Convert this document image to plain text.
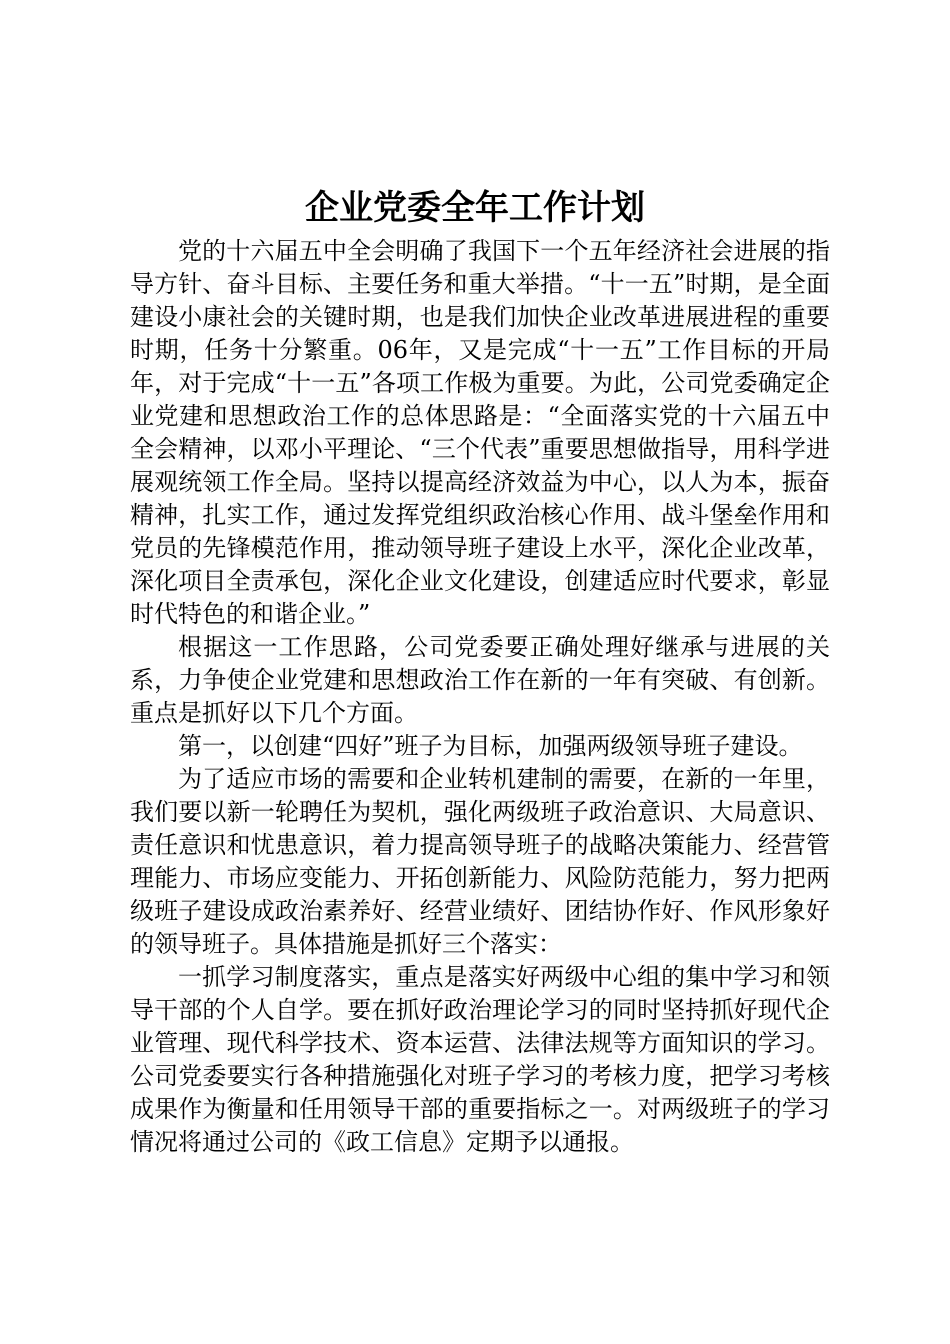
企业党委全年工作计划

党的十六届五中全会明确了我国下一个五年经济社会进展的指导方针、奋斗目标、主要任务和重大举措。“十一五”时期，是全面建设小康社会的关键时期，也是我们加快企业改革进展进程的重要时期，任务十分繁重。06年，又是完成“十一五”工作目标的开局年，对于完成“十一五”各项工作极为重要。为此，公司党委确定企业党建和思想政治工作的总体思路是：“全面落实党的十六届五中全会精神，以邓小平理论、“三个代表”重要思想做指导，用科学进展观统领工作全局。坚持以提高经济效益为中心，以人为本，振奋精神，扎实工作，通过发挥党组织政治核心作用、战斗堡垒作用和党员的先锋模范作用，推动领导班子建设上水平，深化企业改革，深化项目全责承包，深化企业文化建设，创建适应时代要求，彰显时代特色的和谐企业。”

根据这一工作思路，公司党委要正确处理好继承与进展的关系，力争使企业党建和思想政治工作在新的一年有突破、有创新。重点是抓好以下几个方面。

第一，以创建“四好”班子为目标，加强两级领导班子建设。

为了适应市场的需要和企业转机建制的需要，在新的一年里，我们要以新一轮聘任为契机，强化两级班子政治意识、大局意识、责任意识和忧患意识，着力提高领导班子的战略决策能力、经营管理能力、市场应变能力、开拓创新能力、风险防范能力，努力把两级班子建设成政治素养好、经营业绩好、团结协作好、作风形象好的领导班子。具体措施是抓好三个落实：

一抓学习制度落实，重点是落实好两级中心组的集中学习和领导干部的个人自学。要在抓好政治理论学习的同时坚持抓好现代企业管理、现代科学技术、资本运营、法律法规等方面知识的学习。公司党委要实行各种措施强化对班子学习的考核力度，把学习考核成果作为衡量和任用领导干部的重要指标之一。对两级班子的学习情况将通过公司的《政工信息》定期予以通报。
